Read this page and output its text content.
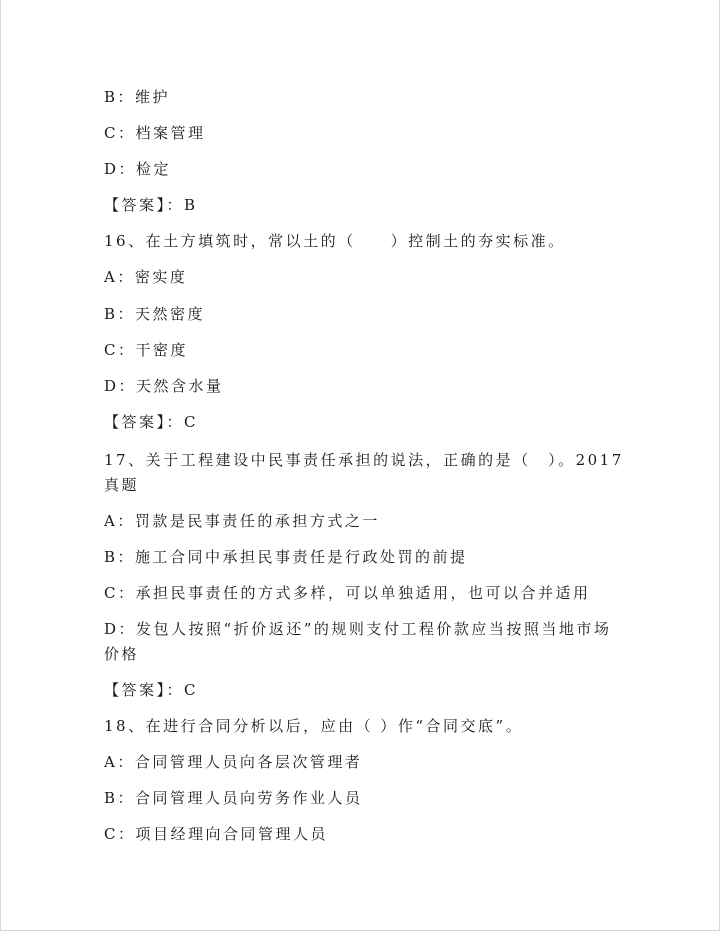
B：维护
C：档案管理
D：检定
【答案】：B
16、在土方填筑时，常以土的（　　）控制土的夯实标准。
A：密实度
B：天然密度
C：干密度
D：天然含水量
【答案】：C
17、关于工程建设中民事责任承担的说法，正确的是（　）。2017 真题
A：罚款是民事责任的承担方式之一
B：施工合同中承担民事责任是行政处罚的前提
C：承担民事责任的方式多样，可以单独适用，也可以合并适用
D：发包人按照“折价返还”的规则支付工程价款应当按照当地市场价格
【答案】：C
18、在进行合同分析以后，应由（ ）作“合同交底”。
A：合同管理人员向各层次管理者
B：合同管理人员向劳务作业人员
C：项目经理向合同管理人员
